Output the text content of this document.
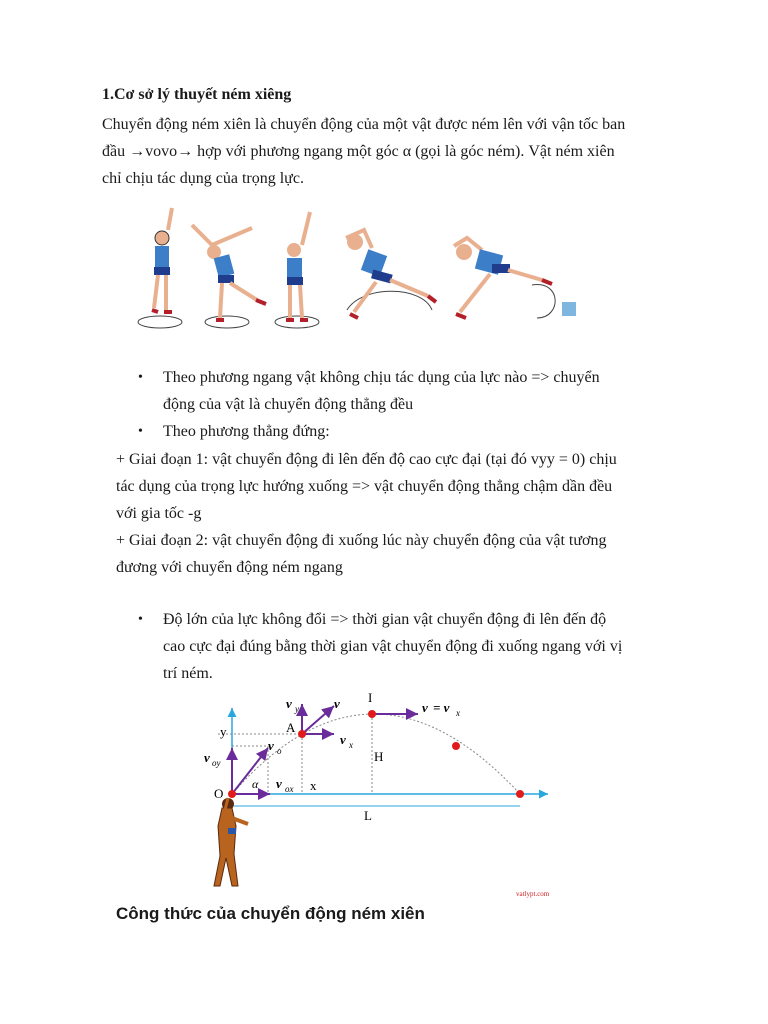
1.Cơ sở lý thuyết ném xiêng
Chuyển động ném xiên là chuyển động của một vật được ném lên với vận tốc ban
đầu →vovo→ hợp với phương ngang một góc α (gọi là góc ném). Vật ném xiên
chỉ chịu tác dụng của trọng lực.
• Theo phương ngang vật không chịu tác dụng của lực nào => chuyển
động của vật là chuyển động thẳng đều
• Theo phương thẳng đứng:
+ Giai đoạn 1: vật chuyển động đi lên đến độ cao cực đại (tại đó vyy = 0) chịu
tác dụng của trọng lực hướng xuống => vật chuyển động thẳng chậm dần đều
với gia tốc -g
+ Giai đoạn 2: vật chuyển động đi xuống lúc này chuyển động của vật tương
đương với chuyển động ném ngang
• Độ lớn của lực không đổi => thời gian vật chuyển động đi lên đến độ
cao cực đại đúng bằng thời gian vật chuyển động đi xuống ngang với vị
trí ném.
O
y
x
A
I
H
L
α
v
v y
v x
v o
v oy
v ox
v = v x
vatlypt.com
Công thức của chuyển động ném xiên
